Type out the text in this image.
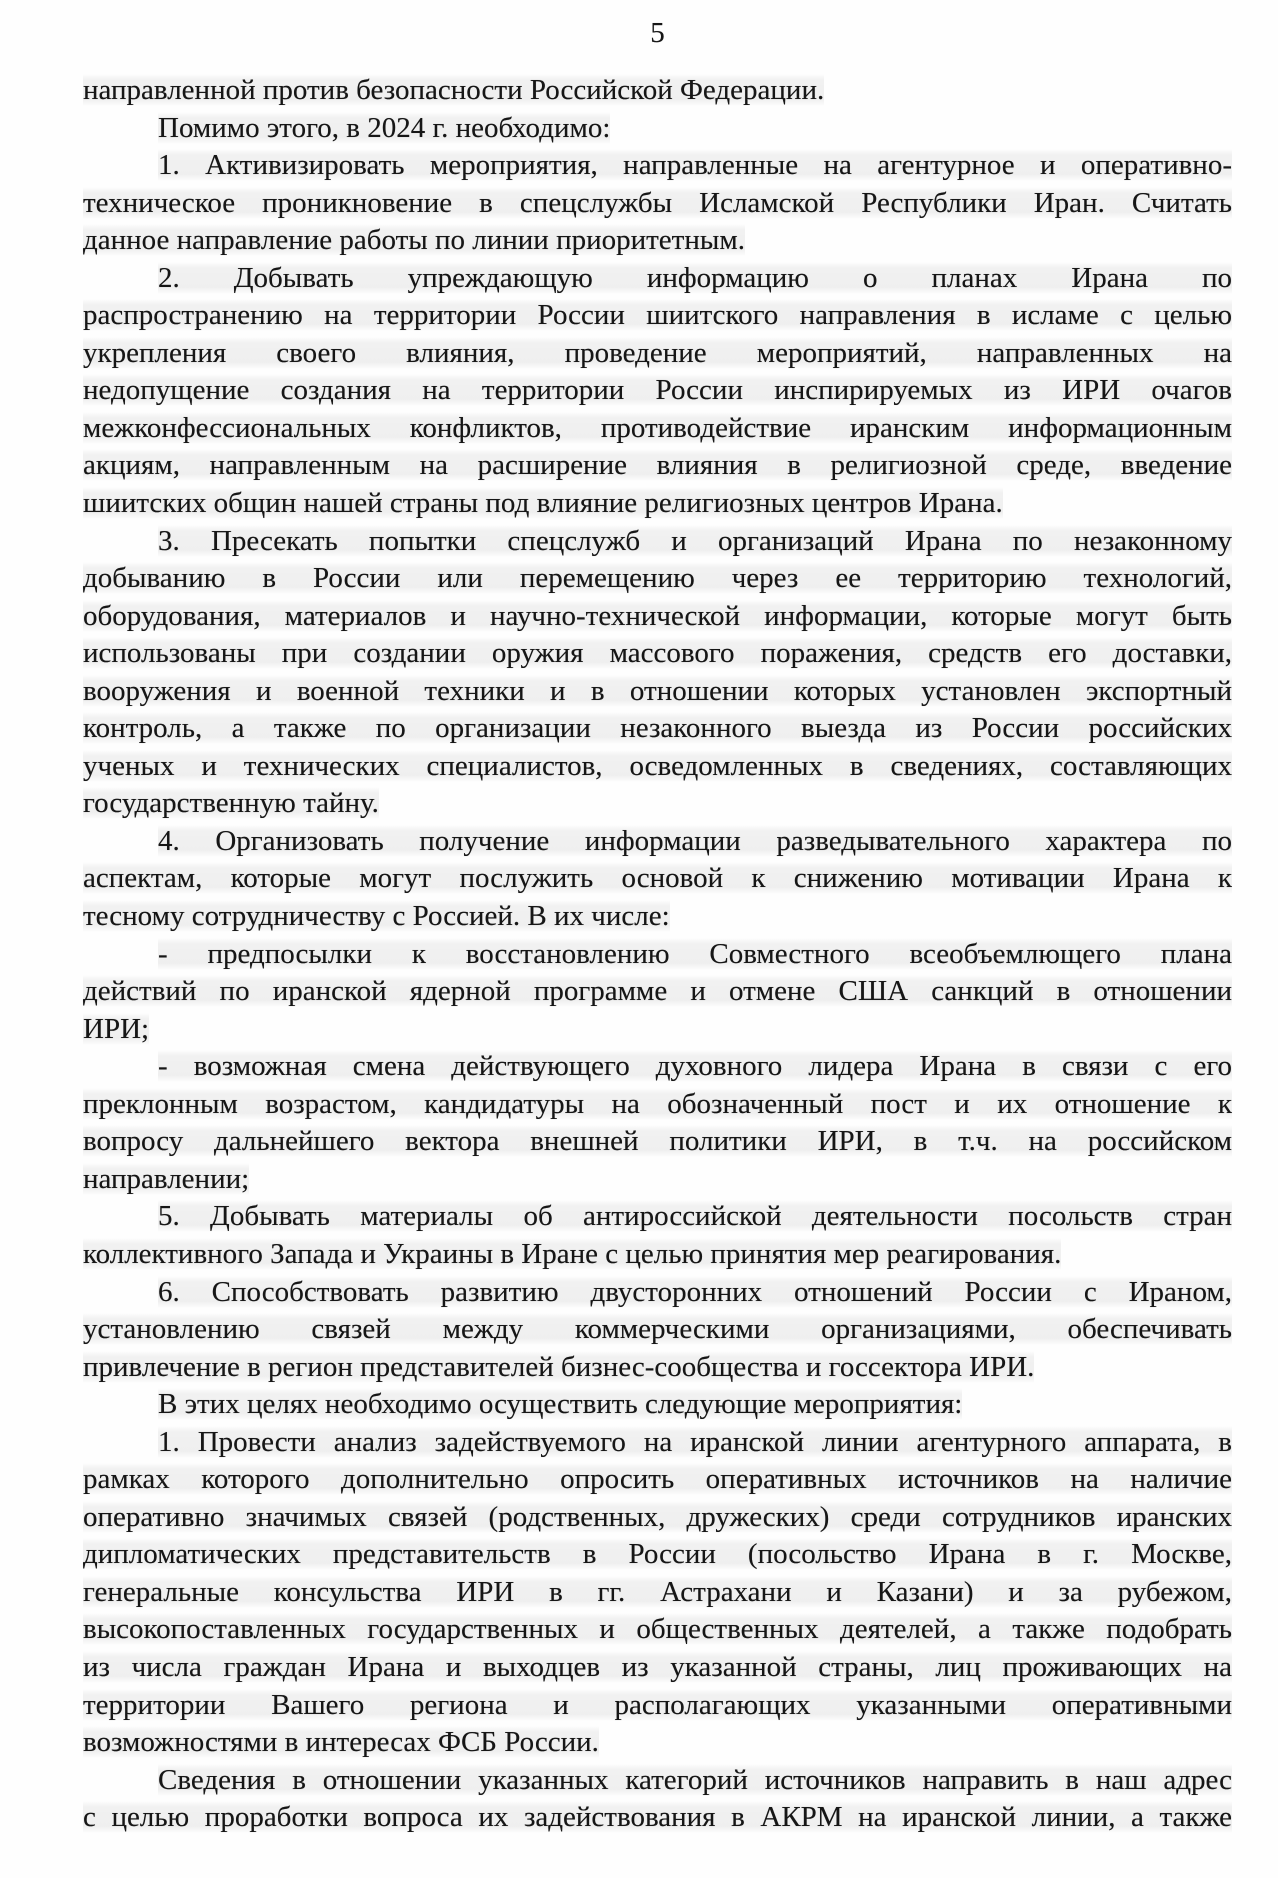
5
направленной против безопасности Российской Федерации.
Помимо этого, в 2024 г. необходимо:
1. Активизировать мероприятия, направленные на агентурное и оперативно-
техническое проникновение в спецслужбы Исламской Республики Иран. Считать
данное направление работы по линии приоритетным.
2. Добывать упреждающую информацию о планах Ирана по
распространению на территории России шиитского направления в исламе с целью
укрепления своего влияния, проведение мероприятий, направленных на
недопущение создания на территории России инспирируемых из ИРИ очагов
межконфессиональных конфликтов, противодействие иранским информационным
акциям, направленным на расширение влияния в религиозной среде, введение
шиитских общин нашей страны под влияние религиозных центров Ирана.
3. Пресекать попытки спецслужб и организаций Ирана по незаконному
добыванию в России или перемещению через ее территорию технологий,
оборудования, материалов и научно-технической информации, которые могут быть
использованы при создании оружия массового поражения, средств его доставки,
вооружения и военной техники и в отношении которых установлен экспортный
контроль, а также по организации незаконного выезда из России российских
ученых и технических специалистов, осведомленных в сведениях, составляющих
государственную тайну.
4. Организовать получение информации разведывательного характера по
аспектам, которые могут послужить основой к снижению мотивации Ирана к
тесному сотрудничеству с Россией. В их числе:
- предпосылки к восстановлению Совместного всеобъемлющего плана
действий по иранской ядерной программе и отмене США санкций в отношении
ИРИ;
- возможная смена действующего духовного лидера Ирана в связи с его
преклонным возрастом, кандидатуры на обозначенный пост и их отношение к
вопросу дальнейшего вектора внешней политики ИРИ, в т.ч. на российском
направлении;
5. Добывать материалы об антироссийской деятельности посольств стран
коллективного Запада и Украины в Иране с целью принятия мер реагирования.
6. Способствовать развитию двусторонних отношений России с Ираном,
установлению связей между коммерческими организациями, обеспечивать
привлечение в регион представителей бизнес-сообщества и госсектора ИРИ.
В этих целях необходимо осуществить следующие мероприятия:
1. Провести анализ задействуемого на иранской линии агентурного аппарата, в
рамках которого дополнительно опросить оперативных источников на наличие
оперативно значимых связей (родственных, дружеских) среди сотрудников иранских
дипломатических представительств в России (посольство Ирана в г. Москве,
генеральные консульства ИРИ в гг. Астрахани и Казани) и за рубежом,
высокопоставленных государственных и общественных деятелей, а также подобрать
из числа граждан Ирана и выходцев из указанной страны, лиц проживающих на
территории Вашего региона и располагающих указанными оперативными
возможностями в интересах ФСБ России.
Сведения в отношении указанных категорий источников направить в наш адрес
с целью проработки вопроса их задействования в АКРМ на иранской линии, а также
